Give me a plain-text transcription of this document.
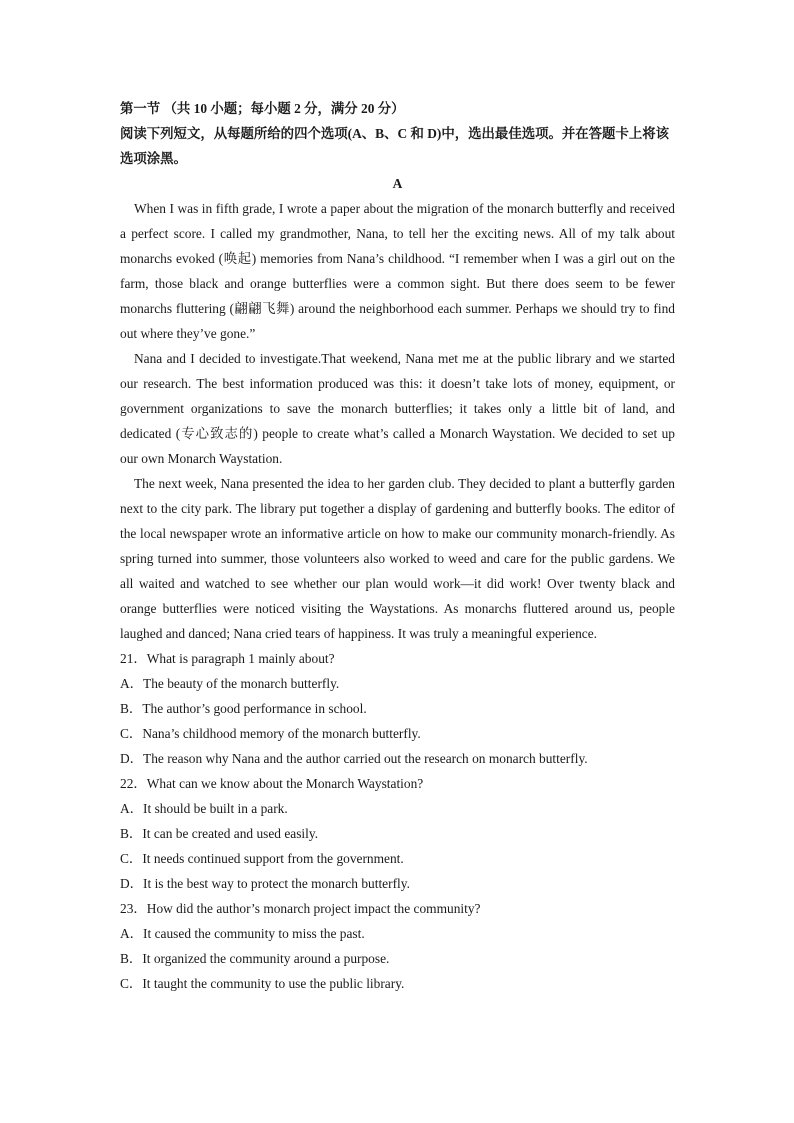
第一节 （共 10 小题；每小题 2 分，满分 20 分）

阅读下列短文，从每题所给的四个选项(A、B、C 和 D)中，选出最佳选项。并在答题卡上将该选项涂黑。

A

When I was in fifth grade, I wrote a paper about the migration of the monarch butterfly and received a perfect score. I called my grandmother, Nana, to tell her the exciting news. All of my talk about monarchs evoked (唤起) memories from Nana’s childhood. “I remember when I was a girl out on the farm, those black and orange butterflies were a common sight. But there does seem to be fewer monarchs fluttering (翩翩飞舞) around the neighborhood each summer. Perhaps we should try to find out where they’ve gone.”

Nana and I decided to investigate.That weekend, Nana met me at the public library and we started our research. The best information produced was this: it doesn’t take lots of money, equipment, or government organizations to save the monarch butterflies; it takes only a little bit of land, and dedicated (专心致志的) people to create what’s called a Monarch Waystation. We decided to set up our own Monarch Waystation.

The next week, Nana presented the idea to her garden club. They decided to plant a butterfly garden next to the city park. The library put together a display of gardening and butterfly books. The editor of the local newspaper wrote an informative article on how to make our community monarch-friendly. As spring turned into summer, those volunteers also worked to weed and care for the public gardens. We all waited and watched to see whether our plan would work—it did work! Over twenty black and orange butterflies were noticed visiting the Waystations. As monarchs fluttered around us, people laughed and danced; Nana cried tears of happiness. It was truly a meaningful experience.

21．What is paragraph 1 mainly about?

A．The beauty of the monarch butterfly.

B．The author’s good performance in school.

C．Nana’s childhood memory of the monarch butterfly.

D．The reason why Nana and the author carried out the research on monarch butterfly.

22．What can we know about the Monarch Waystation?

A．It should be built in a park.

B．It can be created and used easily.

C．It needs continued support from the government.

D．It is the best way to protect the monarch butterfly.

23．How did the author’s monarch project impact the community?

A．It caused the community to miss the past.

B．It organized the community around a purpose.

C．It taught the community to use the public library.
